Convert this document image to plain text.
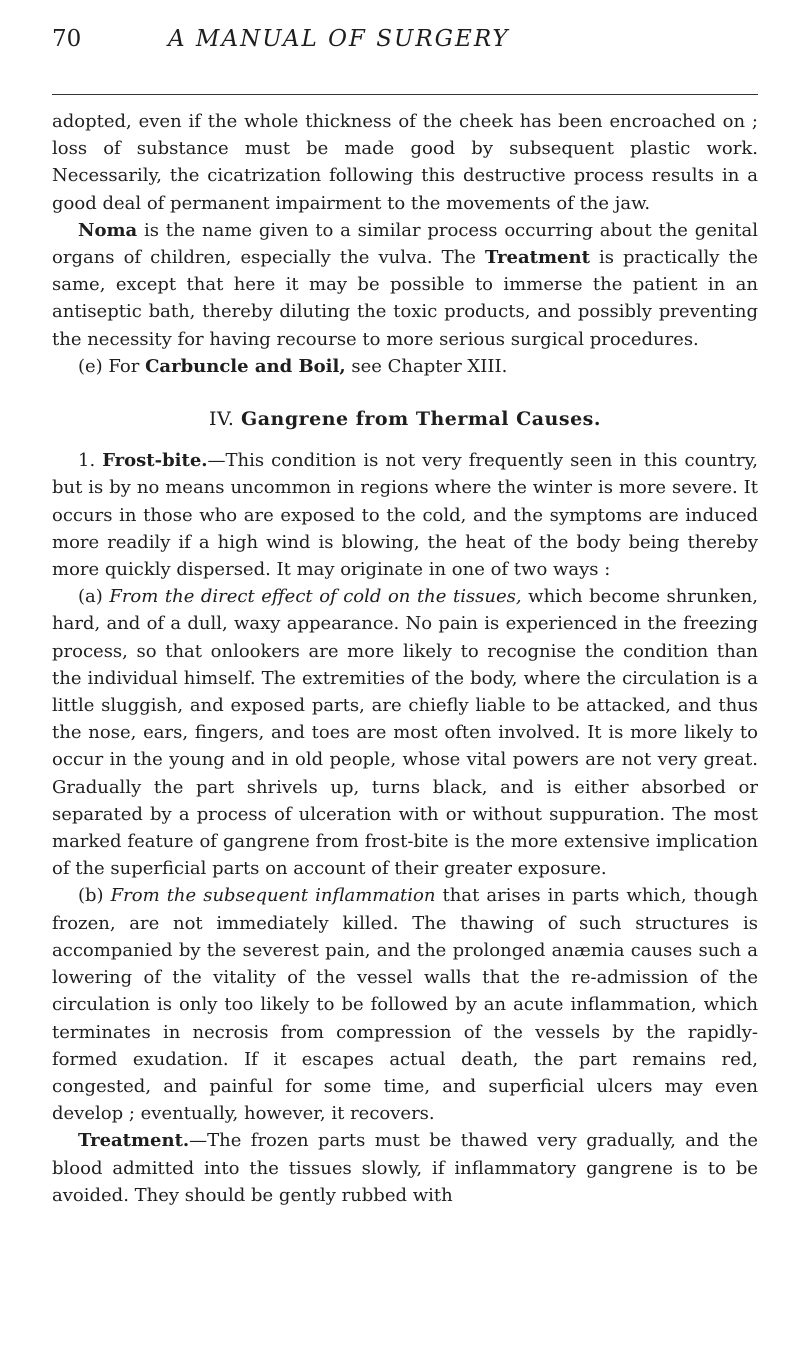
70	A MANUAL OF SURGERY

adopted, even if the whole thickness of the cheek has been encroached on ; loss of substance must be made good by subsequent plastic work. Necessarily, the cicatrization following this destructive process results in a good deal of permanent impairment to the movements of the jaw.

Noma is the name given to a similar process occurring about the genital organs of children, especially the vulva. The Treatment is practically the same, except that here it may be possible to immerse the patient in an antiseptic bath, thereby diluting the toxic products, and possibly preventing the necessity for having recourse to more serious surgical procedures.

(e) For Carbuncle and Boil, see Chapter XIII.

IV. Gangrene from Thermal Causes.

1. Frost-bite.—This condition is not very frequently seen in this country, but is by no means uncommon in regions where the winter is more severe. It occurs in those who are exposed to the cold, and the symptoms are induced more readily if a high wind is blowing, the heat of the body being thereby more quickly dispersed. It may originate in one of two ways :

(a) From the direct effect of cold on the tissues, which become shrunken, hard, and of a dull, waxy appearance. No pain is experienced in the freezing process, so that onlookers are more likely to recognise the condition than the individual himself. The extremities of the body, where the circulation is a little sluggish, and exposed parts, are chiefly liable to be attacked, and thus the nose, ears, fingers, and toes are most often involved. It is more likely to occur in the young and in old people, whose vital powers are not very great. Gradually the part shrivels up, turns black, and is either absorbed or separated by a process of ulceration with or without suppuration. The most marked feature of gangrene from frost-bite is the more extensive implication of the superficial parts on account of their greater exposure.

(b) From the subsequent inflammation that arises in parts which, though frozen, are not immediately killed. The thawing of such structures is accompanied by the severest pain, and the prolonged anæmia causes such a lowering of the vitality of the vessel walls that the re-admission of the circulation is only too likely to be followed by an acute inflammation, which terminates in necrosis from compression of the vessels by the rapidly-formed exudation. If it escapes actual death, the part remains red, congested, and painful for some time, and superficial ulcers may even develop ; eventually, however, it recovers.

Treatment.—The frozen parts must be thawed very gradually, and the blood admitted into the tissues slowly, if inflammatory gangrene is to be avoided. They should be gently rubbed with
